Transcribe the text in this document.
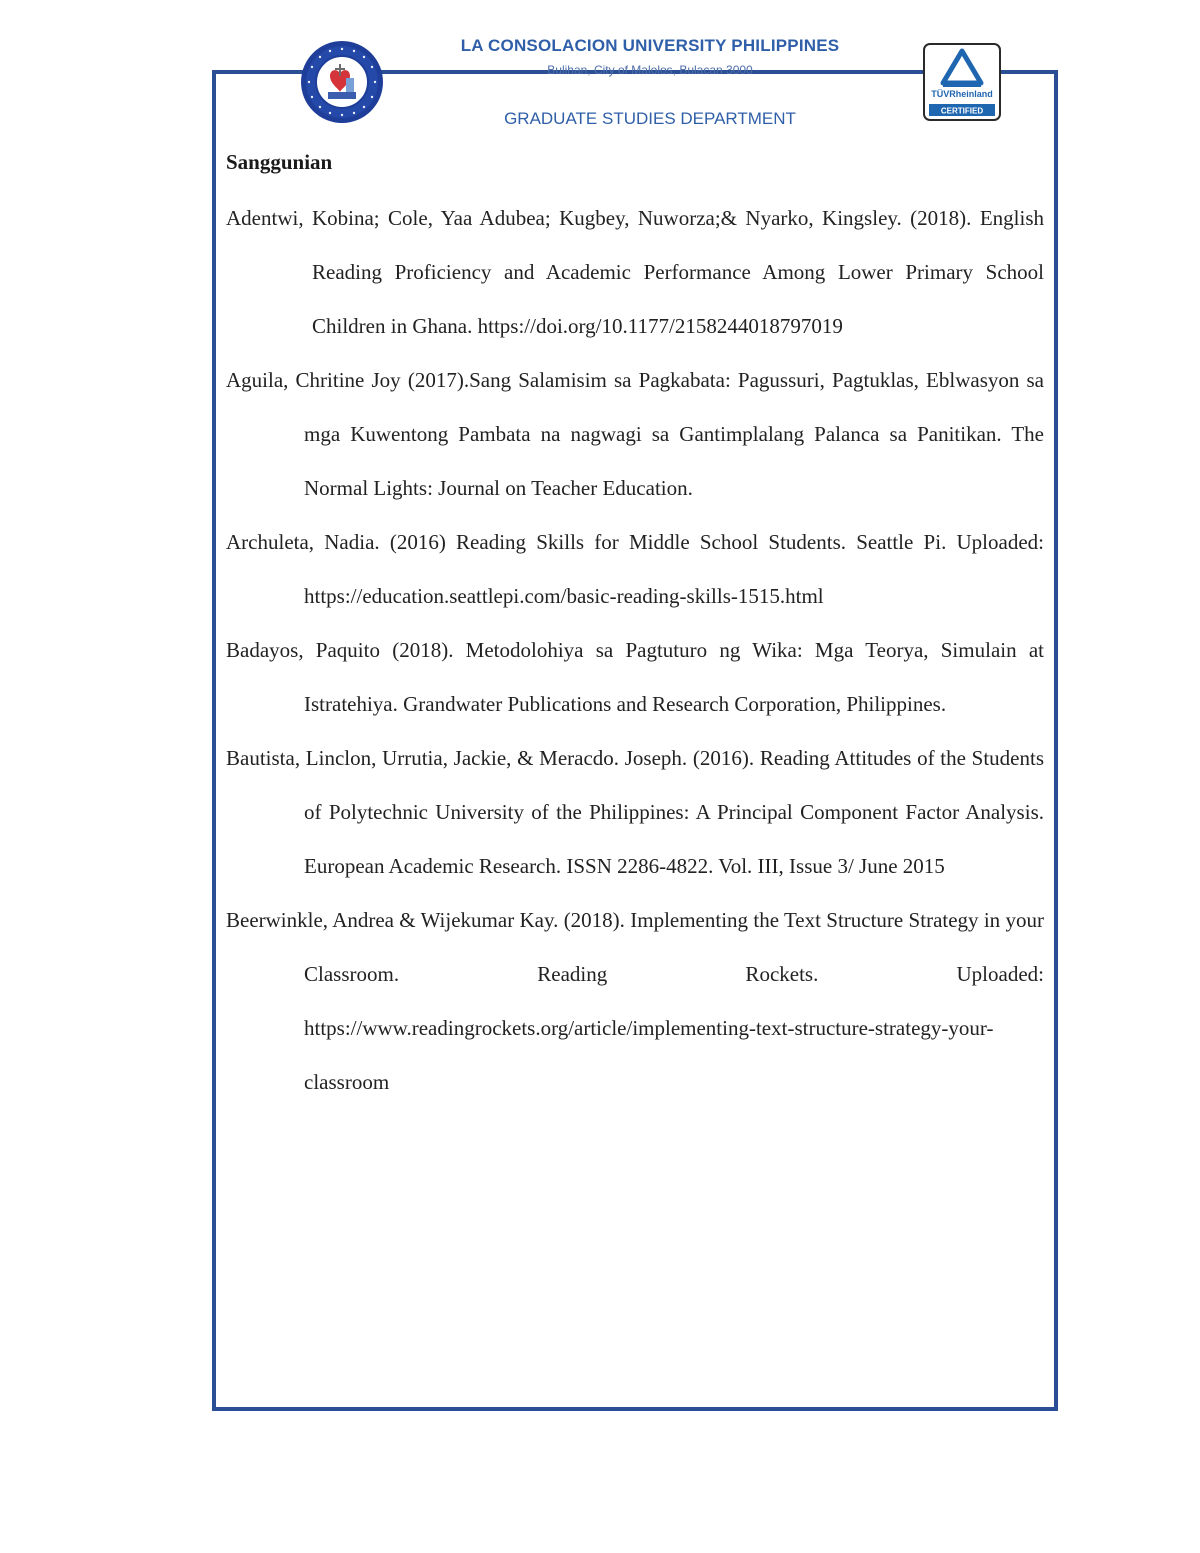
TÜVRheinland
CERTIFIED
LA CONSOLACION UNIVERSITY PHILIPPINES
Bulihan, City of Malolos, Bulacan 3000
GRADUATE STUDIES DEPARTMENT
Sanggunian
Adentwi, Kobina; Cole, Yaa Adubea; Kugbey, Nuworza;& Nyarko, Kingsley. (2018). English Reading Proficiency and Academic Performance Among Lower Primary School Children in Ghana. https://doi.org/10.1177/2158244018797019
Aguila, Chritine Joy (2017).Sang Salamisim sa Pagkabata: Pagussuri, Pagtuklas, Eblwasyon sa mga Kuwentong Pambata na nagwagi sa Gantimplalang Palanca sa Panitikan. The Normal Lights: Journal on Teacher Education.
Archuleta, Nadia. (2016) Reading Skills for Middle School Students. Seattle Pi. Uploaded: https://education.seattlepi.com/basic-reading-skills-1515.html
Badayos, Paquito (2018). Metodolohiya sa Pagtuturo ng Wika: Mga Teorya, Simulain at Istratehiya. Grandwater Publications and Research Corporation, Philippines.
Bautista, Linclon, Urrutia, Jackie, & Meracdo. Joseph. (2016). Reading Attitudes of the Students of Polytechnic University of the Philippines: A Principal Component Factor Analysis. European Academic Research. ISSN 2286-4822. Vol. III, Issue 3/ June 2015
Beerwinkle, Andrea & Wijekumar Kay. (2018). Implementing the Text Structure Strategy in your Classroom. Reading Rockets. Uploaded: https://www.readingrockets.org/article/implementing-text-structure-strategy-your-classroom
